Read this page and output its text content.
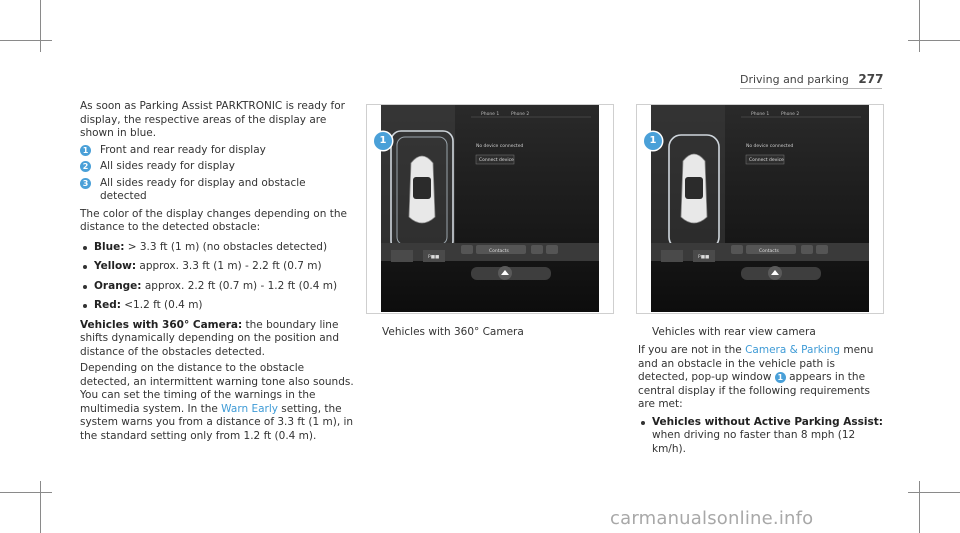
Driving and parking 277

As soon as Parking Assist PARKTRONIC is ready for display, the respective areas of the display are shown in blue.

1 Front and rear ready for display
2 All sides ready for display
3 All sides ready for display and obstacle detected

The color of the display changes depending on the distance to the detected obstacle:

Blue: > 3.3 ft (1 m) (no obstacles detected)
Yellow: approx. 3.3 ft (1 m) - 2.2 ft (0.7 m)
Orange: approx. 2.2 ft (0.7 m) - 1.2 ft (0.4 m)
Red: <1.2 ft (0.4 m)

Vehicles with 360° Camera: the boundary line shifts dynamically depending on the position and distance of the obstacles detected.

Depending on the distance to the obstacle detected, an intermittent warning tone also sounds. You can set the timing of the warnings in the multimedia system. In the Warn Early setting, the system warns you from a distance of 3.3 ft (1 m), in the standard setting only from 1.2 ft (0.4 m).

Phone 1	Phone 2
No device connected
Connect device
Contacts
P■■
1
Vehicles with 360° Camera
Phone 1	Phone 2
No device connected
Connect device
Contacts
P■■
1
Vehicles with rear view camera

If you are not in the Camera & Parking menu and an obstacle in the vehicle path is detected, pop-up window 1 appears in the central display if the following requirements are met:

Vehicles without Active Parking Assist: when driving no faster than 8 mph (12 km/h).
carmanualsonline.info
